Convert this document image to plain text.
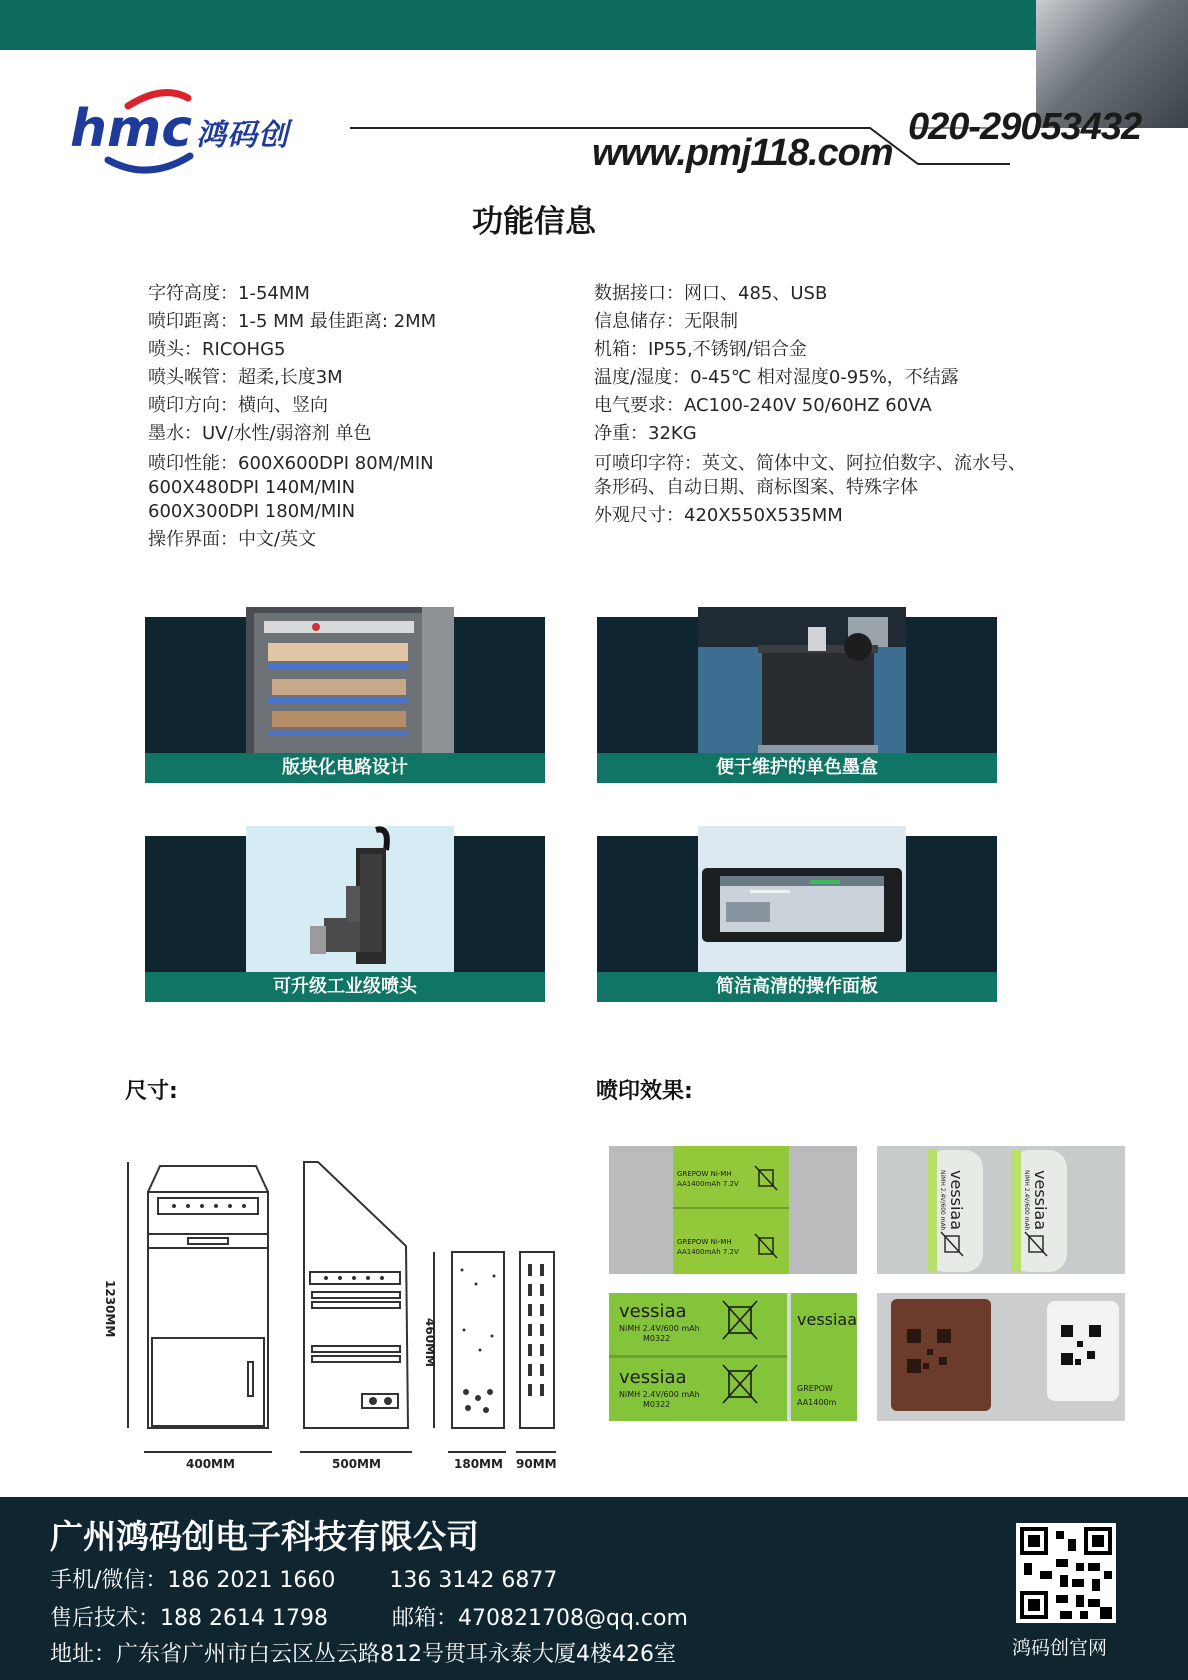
hmc 鸿码创	www.pmj118.com
020-29053432
功能信息
字符高度：1-54MM
喷印距离：1-5 MM 最佳距离: 2MM
喷头：RICOHG5
喷头喉管：超柔,长度3M
喷印方向：横向、竖向
墨水：UV/水性/弱溶剂 单色
喷印性能：600X600DPI 80M/MIN
600X480DPI 140M/MIN
600X300DPI 180M/MIN
操作界面：中文/英文
数据接口：网口、485、USB
信息储存：无限制
机箱：IP55,不锈钢/铝合金
温度/湿度：0-45℃ 相对湿度0-95%，不结露
电气要求：AC100-240V 50/60HZ 60VA
净重：32KG
可喷印字符：英文、简体中文、阿拉伯数字、流水号、
条形码、自动日期、商标图案、特殊字体
外观尺寸：420X550X535MM
版块化电路设计	便于维护的单色墨盒
可升级工业级喷头	简洁高清的操作面板
尺寸:
1230MM
460MM
400MM	500MM	180MM 90MM
喷印效果:
GREPOW Ni-MH
AA1400mAh 7.2V
GREPOW Ni-MH
AA1400mAh 7.2V
vessiaa	vessiaa
NiMH 2.4V/600 mAh	NiMH 2.4V/600 mAh
vessiaa
NiMH 2.4V/600 mAh
M0322
vessiaa
NiMH 2.4V/600 mAh
M0322
vessiaa
GREPOW
AA1400m
广州鸿码创电子科技有限公司
手机/微信：186 2021 1660 136 3142 6877
售后技术：188 2614 1798	邮箱：470821708@qq.com
地址：广东省广州市白云区丛云路812号贯耳永泰大厦4楼426室	鸿码创官网
